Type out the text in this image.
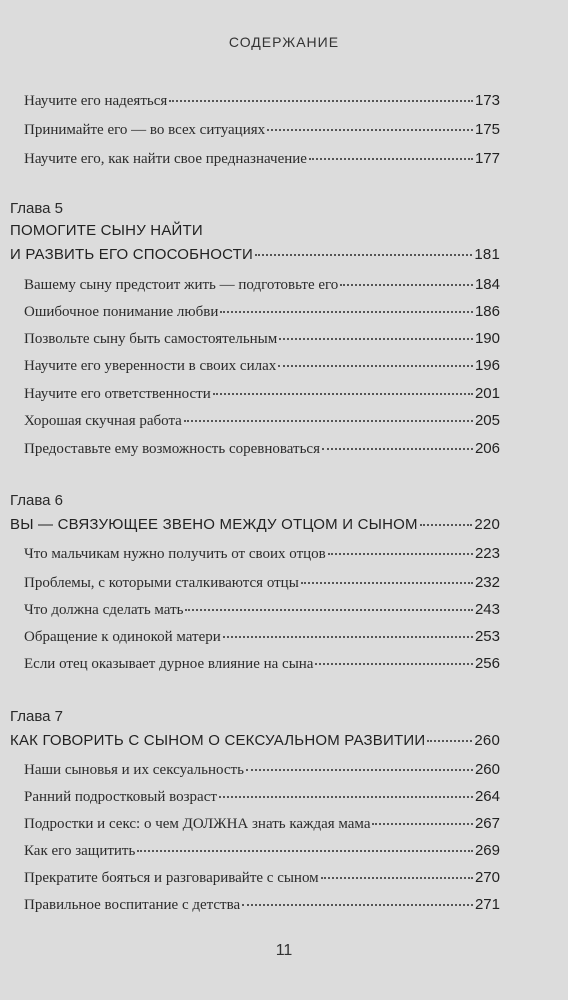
СОДЕРЖАНИЕ
Научите его надеяться	173
Принимайте его — во всех ситуациях	175
Научите его, как найти свое предназначение	177
Глава 5
ПОМОГИТЕ СЫНУ НАЙТИ
И РАЗВИТЬ ЕГО СПОСОБНОСТИ	181
Вашему сыну предстоит жить — подготовьте его	184
Ошибочное понимание любви	186
Позвольте сыну быть самостоятельным	190
Научите его уверенности в своих силах	196
Научите его ответственности	201
Хорошая скучная работа	205
Предоставьте ему возможность соревноваться	206
Глава 6
ВЫ — СВЯЗУЮЩЕЕ ЗВЕНО МЕЖДУ ОТЦОМ И СЫНОМ	220
Что мальчикам нужно получить от своих отцов	223
Проблемы, с которыми сталкиваются отцы	232
Что должна сделать мать	243
Обращение к одинокой матери	253
Если отец оказывает дурное влияние на сына	256
Глава 7
КАК ГОВОРИТЬ С СЫНОМ О СЕКСУАЛЬНОМ РАЗВИТИИ	260
Наши сыновья и их сексуальность	260
Ранний подростковый возраст	264
Подростки и секс: о чем ДОЛЖНА знать каждая мама	267
Как его защитить	269
Прекратите бояться и разговаривайте с сыном	270
Правильное воспитание с детства	271
11
